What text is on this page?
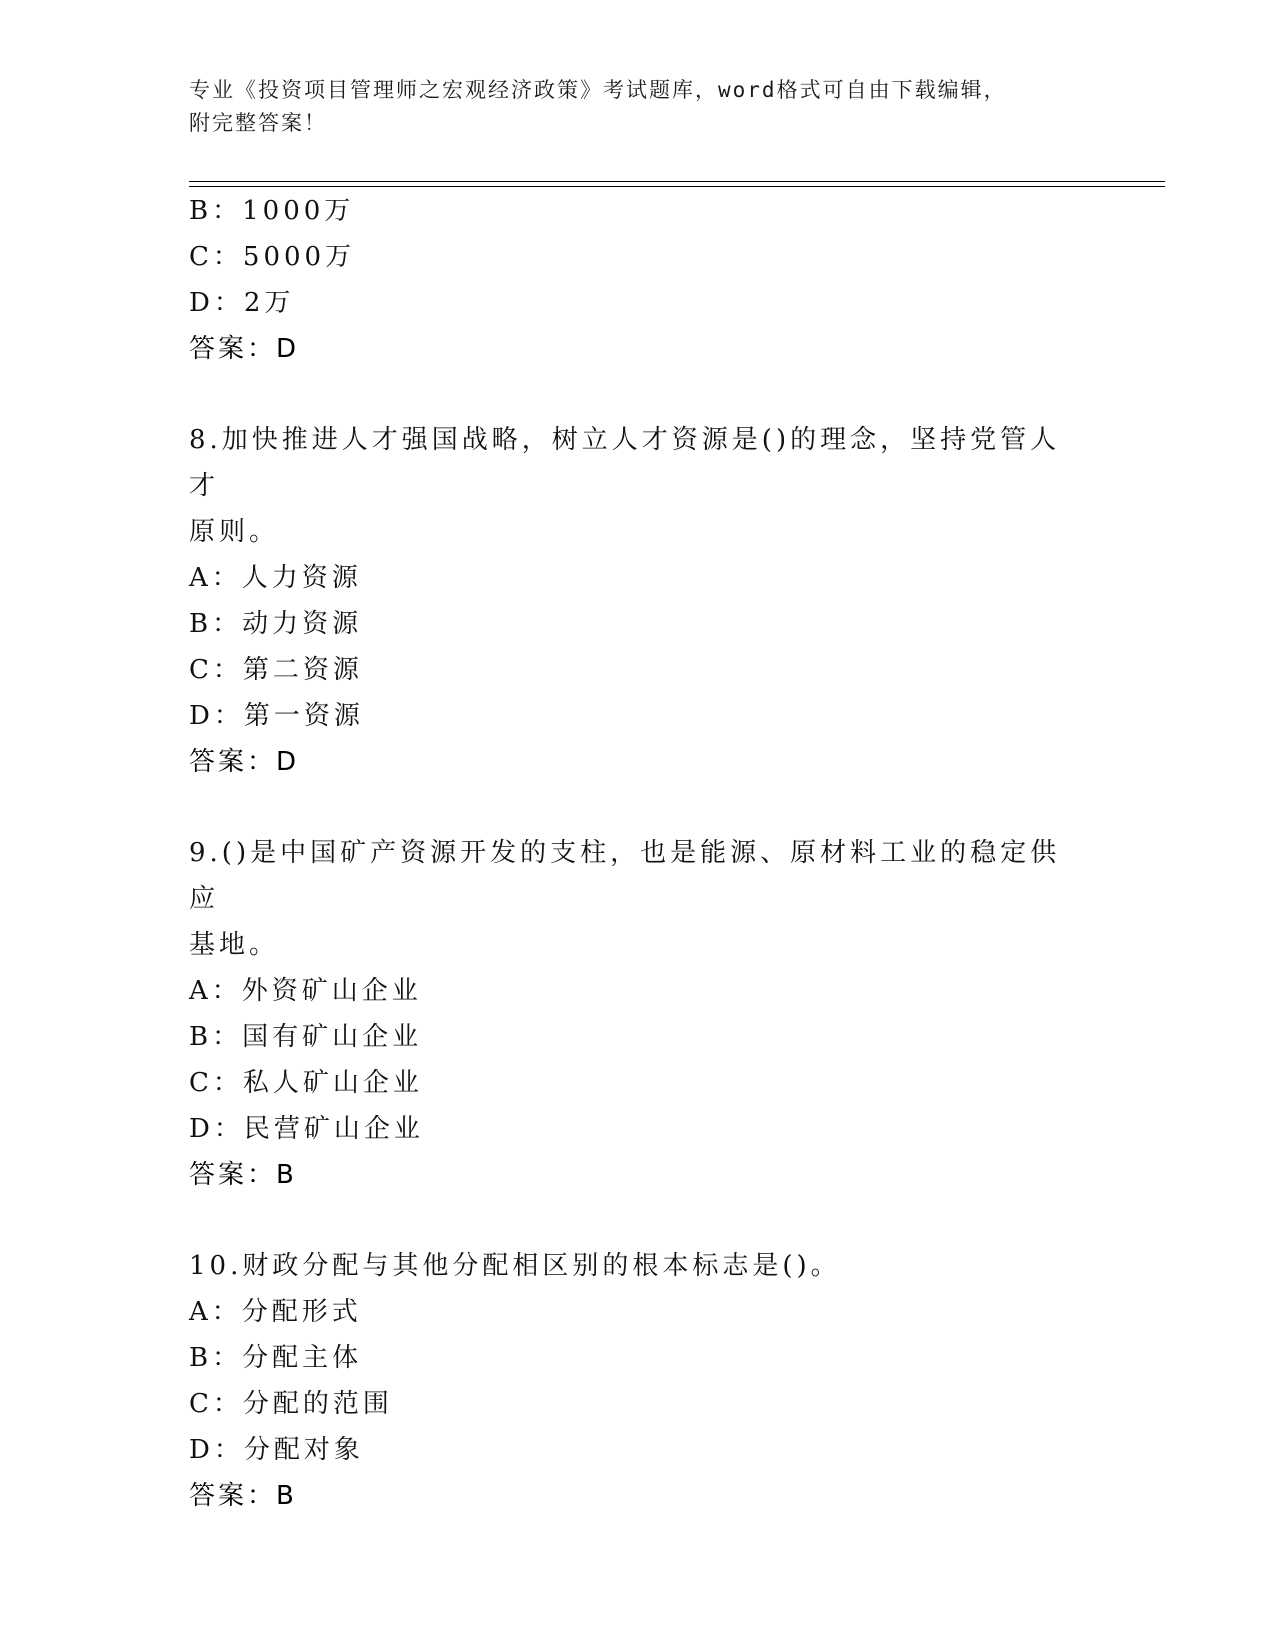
专业《投资项目管理师之宏观经济政策》考试题库，word格式可自由下载编辑，
附完整答案！
B：1000万
C：5000万
D：2万
答案：D
8.加快推进人才强国战略，树立人才资源是()的理念，坚持党管人才
原则。
A：人力资源
B：动力资源
C：第二资源
D：第一资源
答案：D
9.()是中国矿产资源开发的支柱，也是能源、原材料工业的稳定供应
基地。
A：外资矿山企业
B：国有矿山企业
C：私人矿山企业
D：民营矿山企业
答案：B
10.财政分配与其他分配相区别的根本标志是()。
A：分配形式
B：分配主体
C：分配的范围
D：分配对象
答案：B
